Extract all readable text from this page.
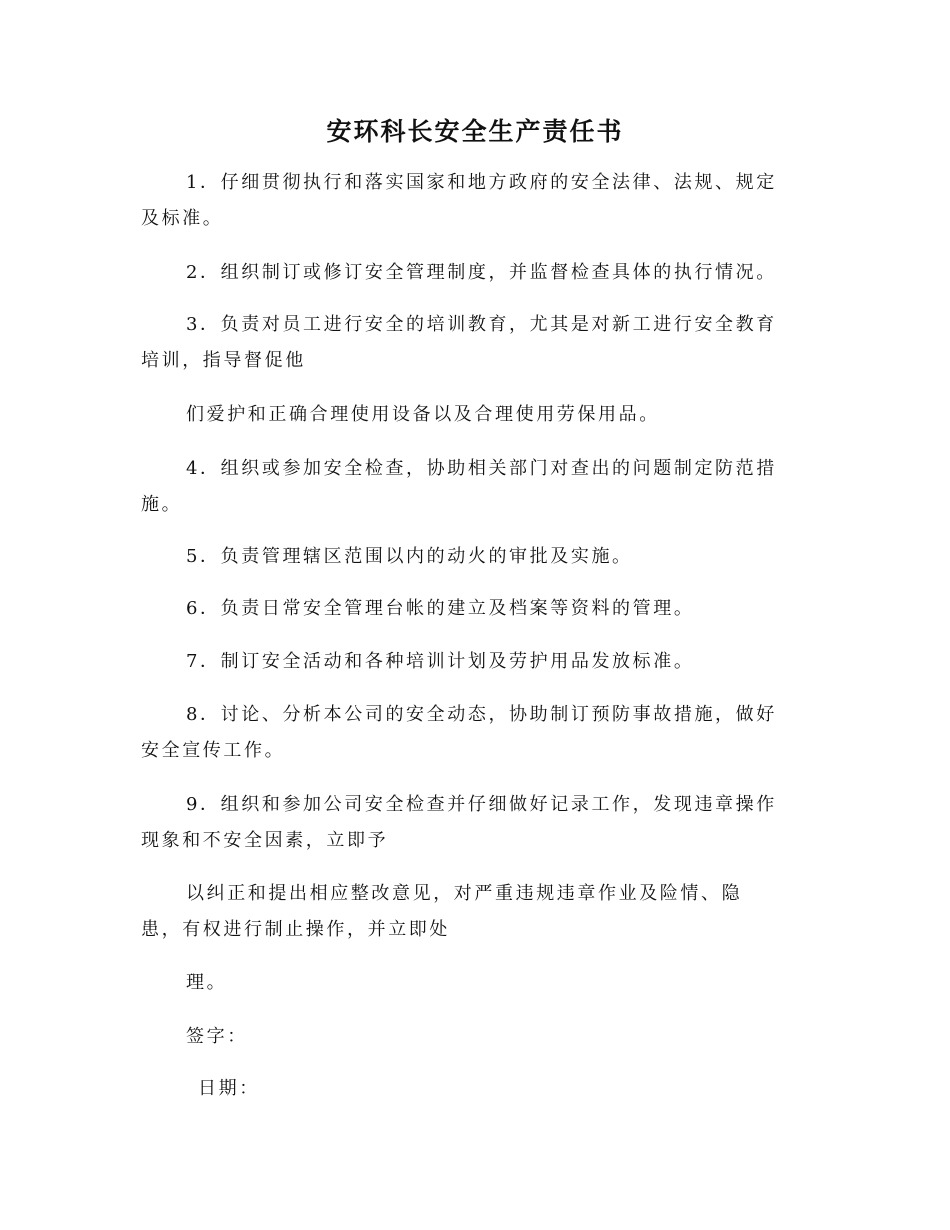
安环科长安全生产责任书
1．仔细贯彻执行和落实国家和地方政府的安全法律、法规、规定
及标准。
2．组织制订或修订安全管理制度，并监督检查具体的执行情况。
3．负责对员工进行安全的培训教育，尤其是对新工进行安全教育
培训，指导督促他
们爱护和正确合理使用设备以及合理使用劳保用品。
4．组织或参加安全检查，协助相关部门对查出的问题制定防范措
施。
5．负责管理辖区范围以内的动火的审批及实施。
6．负责日常安全管理台帐的建立及档案等资料的管理。
7．制订安全活动和各种培训计划及劳护用品发放标准。
8．讨论、分析本公司的安全动态，协助制订预防事故措施，做好
安全宣传工作。
9．组织和参加公司安全检查并仔细做好记录工作，发现违章操作
现象和不安全因素，立即予
以纠正和提出相应整改意见，对严重违规违章作业及险情、隐
患，有权进行制止操作，并立即处
理。
签字：
日期：
